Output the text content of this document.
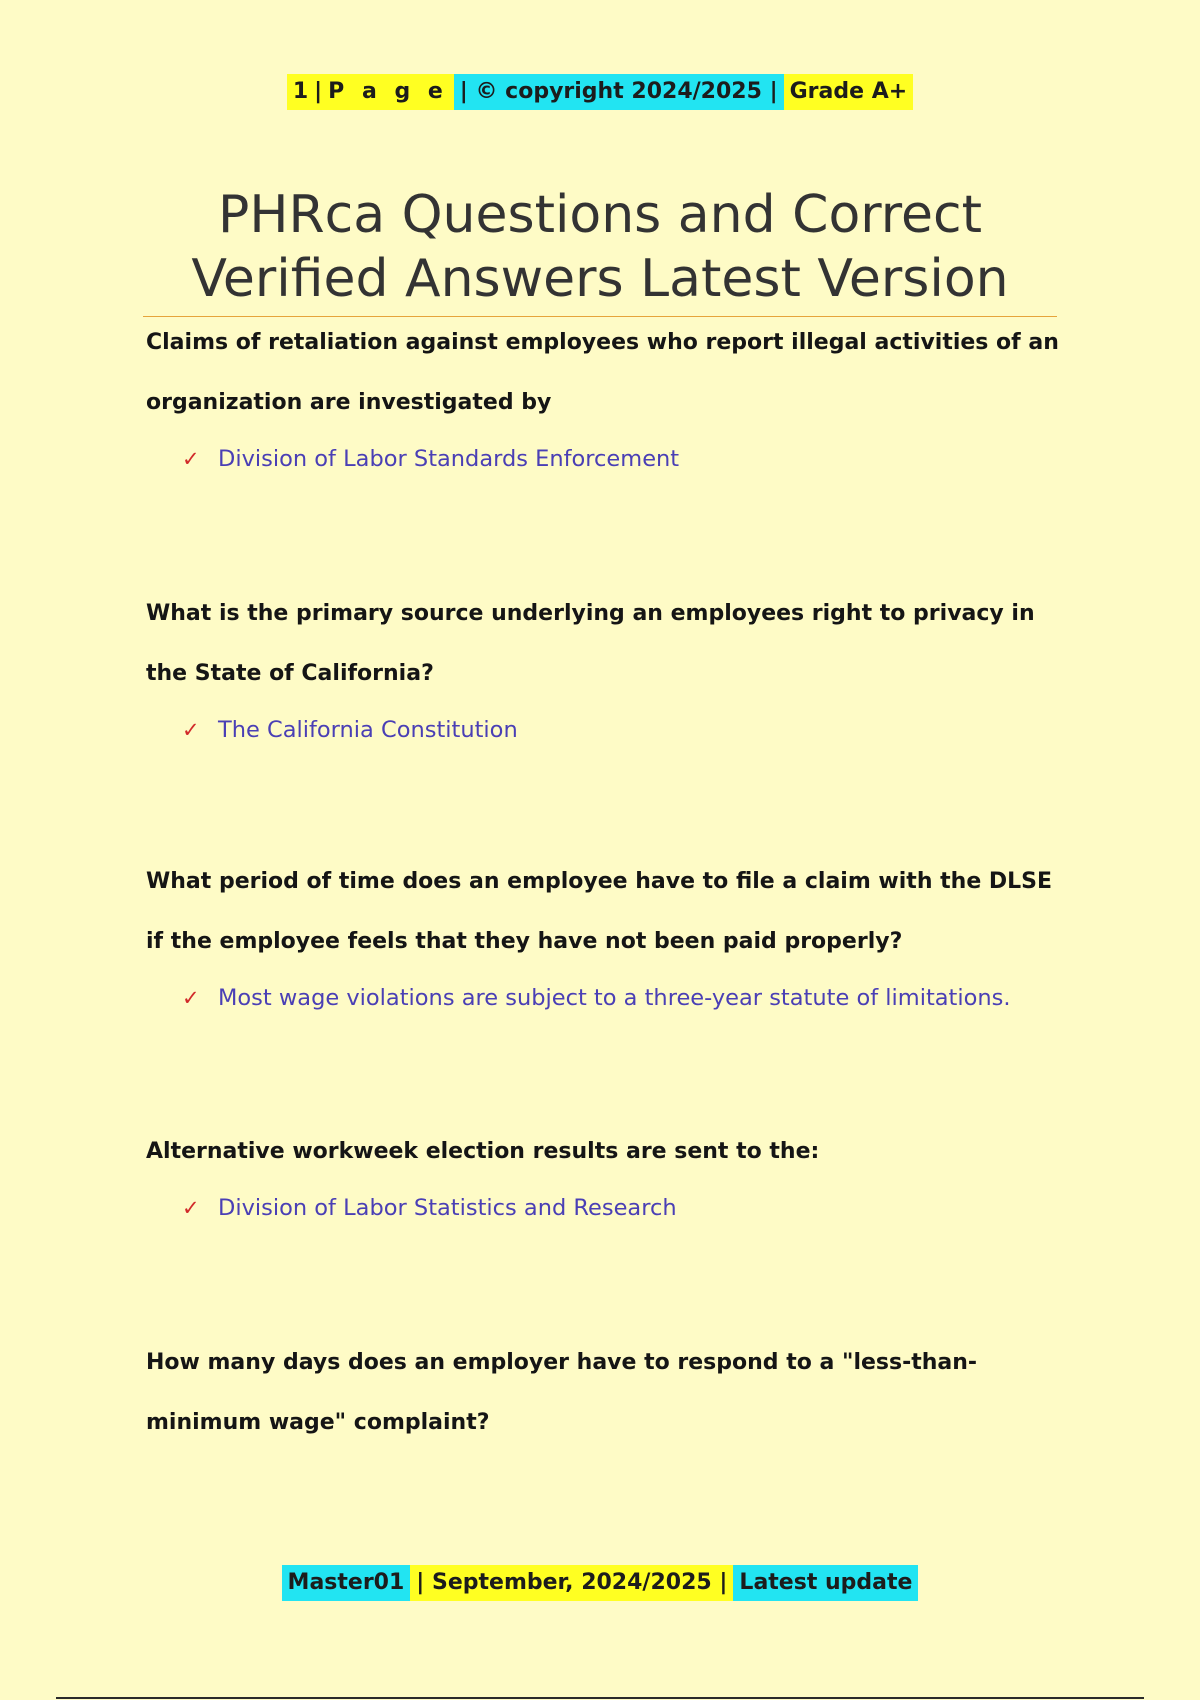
1 | P a g e | © copyright 2024/2025 | Grade A+
PHRca Questions and Correct
Verified Answers Latest Version

Claims of retaliation against employees who report illegal activities of an organization are investigated by

✓ Division of Labor Standards Enforcement

What is the primary source underlying an employees right to privacy in the State of California?

✓ The California Constitution

What period of time does an employee have to file a claim with the DLSE if the employee feels that they have not been paid properly?

✓ Most wage violations are subject to a three-year statute of limitations.

Alternative workweek election results are sent to the:

✓ Division of Labor Statistics and Research

How many days does an employer have to respond to a "less-than-minimum wage" complaint?

Master01 | September, 2024/2025 | Latest update
